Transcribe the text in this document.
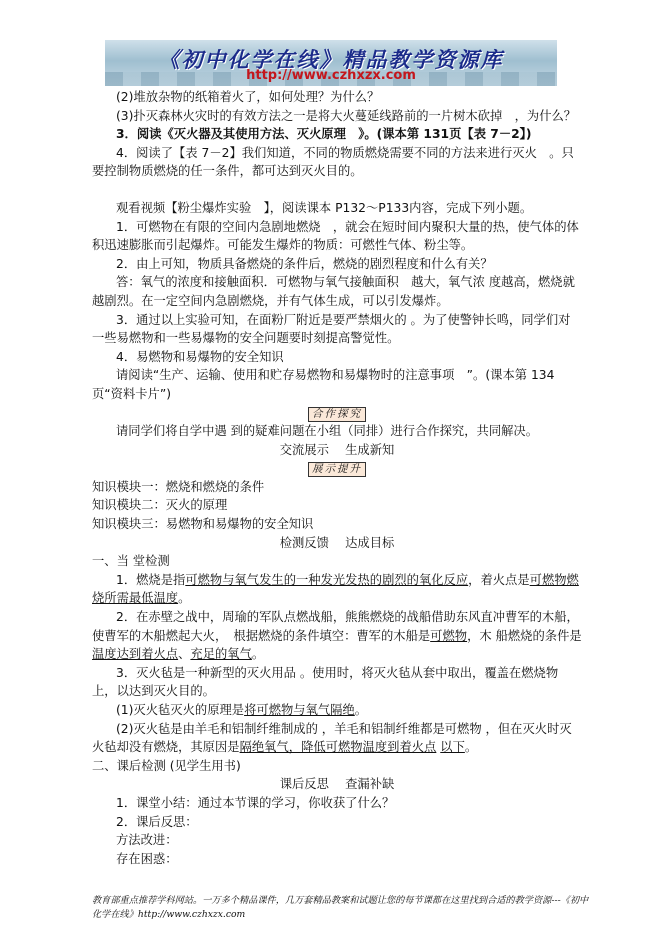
《初中化学在线》精品教学资源库
http://www.czhxzx.com

(2)堆放杂物的纸箱着火了，如何处理？为什么？

(3)扑灭森林火灾时的有效方法之一是将大火蔓延线路前的一片树木砍掉　，为什么？

3．阅读《灭火器及其使用方法、灭火原理　》。(课本第 131页【表 7－2】)

4．阅读了【表 7－2】我们知道，不同的物质燃烧需要不同的方法来进行灭火　。只要控制物质燃烧的任一条件，都可达到灭火目的。

观看视频【粉尘爆炸实验　】，阅读课本 P132～P133内容，完成下列小题。

1．可燃物在有限的空间内急剧地燃烧　，就会在短时间内聚积大量的热，使气体的体积迅速膨胀而引起爆炸。可能发生爆炸的物质：可燃性气体、粉尘等。

2．由上可知，物质具备燃烧的条件后，燃烧的剧烈程度和什么有关？

答：氧气的浓度和接触面积．可燃物与氧气接触面积　越大，氧气浓 度越高，燃烧就越剧烈。在一定空间内急剧燃烧，并有气体生成，可以引发爆炸。

3．通过以上实验可知，在面粉厂附近是要严禁烟火的 。为了使警钟长鸣，同学们对一些易燃物和一些易爆物的安全问题要时刻提高警觉性。

4．易燃物和易爆物的安全知识

请阅读“生产、运输、使用和贮存易燃物和易爆物时的注意事项　”。(课本第 134页“资料卡片”)

合作探究

请同学们将自学中遇 到的疑难问题在小组（同排）进行合作探究，共同解决。

交流展示　 生成新知

展示提升

知识模块一：燃烧和燃烧的条件

知识模块二：灭火的原理

知识模块三：易燃物和易爆物的安全知识

检测反馈　 达成目标

一、当 堂检测

1．燃烧是指可燃物与氧气发生的一种发光发热的剧烈的氧化反应，着火点是可燃物燃烧所需最低温度。

2．在赤壁之战中，周瑜的军队点燃战船，熊熊燃烧的战船借助东风直冲曹军的木船，使曹军的木船燃起大火，　根据燃烧的条件填空：曹军的木船是可燃物，木 船燃烧的条件是温度达到着火点、充足的氧气。

3．灭火毡是一种新型的灭火用品 。使用时，将灭火毡从套中取出，覆盖在燃烧物上，以达到灭火目的。

(1)灭火毡灭火的原理是将可燃物与氧气隔绝。

(2)灭火毡是由羊毛和铝制纤维制成的 ，羊毛和铝制纤维都是可燃物 ，但在灭火时灭火毡却没有燃烧，其原因是隔绝氧气，降低可燃物温度到着火点 以下。

二、课后检测 (见学生用书)

课后反思　 查漏补缺

1．课堂小结：通过本节课的学习，你收获了什么？

2．课后反思：

方法改进：

存在困惑：

教育部重点推荐学科网站。一万多个精品课件，几万套精品教案和试题让您的每节课都在这里找到合适的教学资源---《初中化学在线》http://www.czhxzx.com
